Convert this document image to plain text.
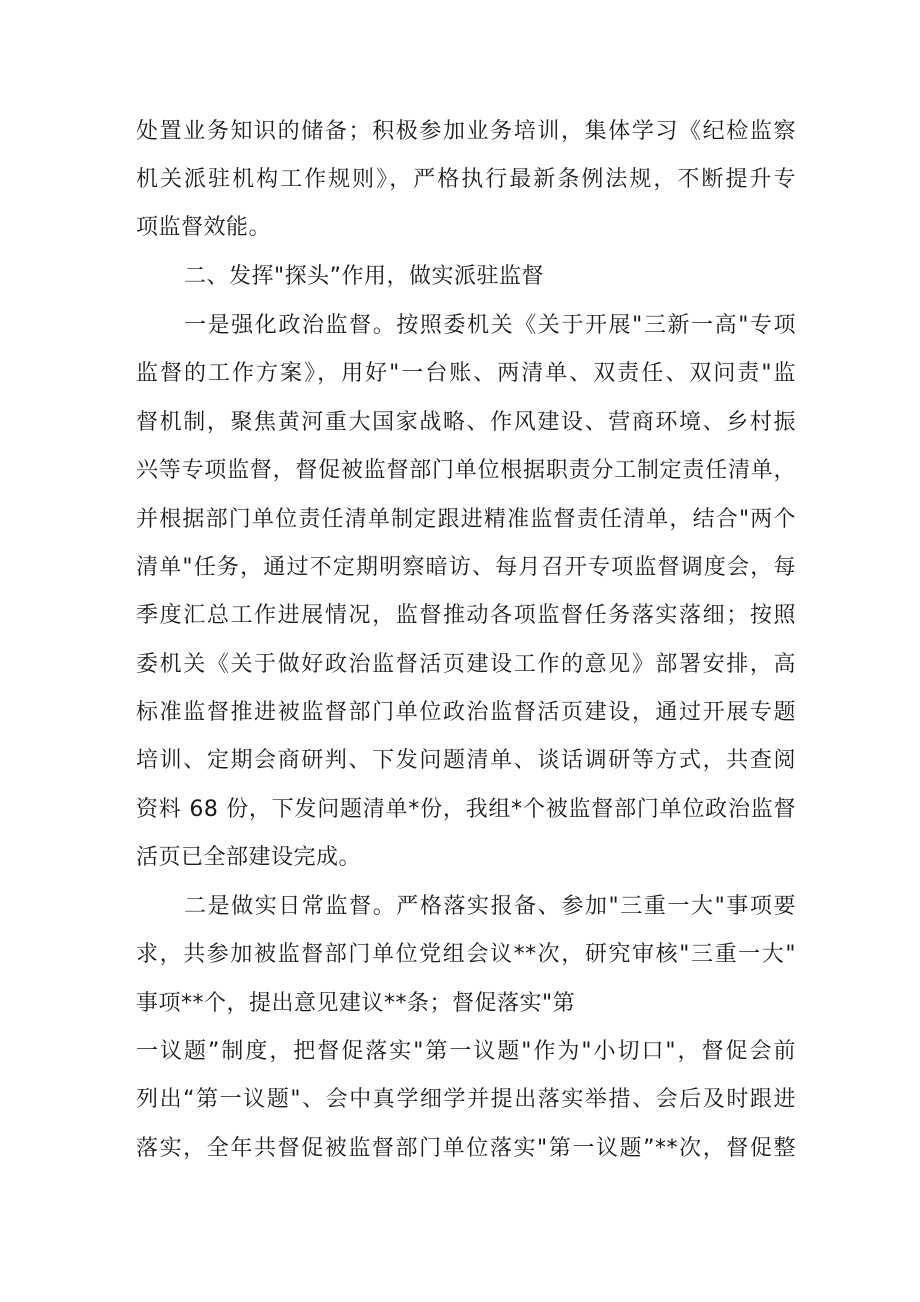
处置业务知识的储备；积极参加业务培训，集体学习《纪检监察
机关派驻机构工作规则》，严格执行最新条例法规，不断提升专
项监督效能。
二、发挥"探头”作用，做实派驻监督
一是强化政治监督。按照委机关《关于开展"三新一高"专项
监督的工作方案》，用好"一台账、两清单、双责任、双问责"监
督机制，聚焦黄河重大国家战略、作风建设、营商环境、乡村振
兴等专项监督，督促被监督部门单位根据职责分工制定责任清单，
并根据部门单位责任清单制定跟进精准监督责任清单，结合"两个
清单"任务，通过不定期明察暗访、每月召开专项监督调度会，每
季度汇总工作进展情况，监督推动各项监督任务落实落细；按照
委机关《关于做好政治监督活页建设工作的意见》部署安排，高
标准监督推进被监督部门单位政治监督活页建设，通过开展专题
培训、定期会商研判、下发问题清单、谈话调研等方式，共查阅
资料 68 份，下发问题清单*份，我组*个被监督部门单位政治监督
活页已全部建设完成。
二是做实日常监督。严格落实报备、参加"三重一大"事项要
求，共参加被监督部门单位党组会议**次，研究审核"三重一大"
事项**个，提出意见建议**条；督促落实"第
一议题”制度，把督促落实"第一议题"作为"小切口"，督促会前
列出“第一议题"、会中真学细学并提出落实举措、会后及时跟进
落实，全年共督促被监督部门单位落实"第一议题”**次，督促整
